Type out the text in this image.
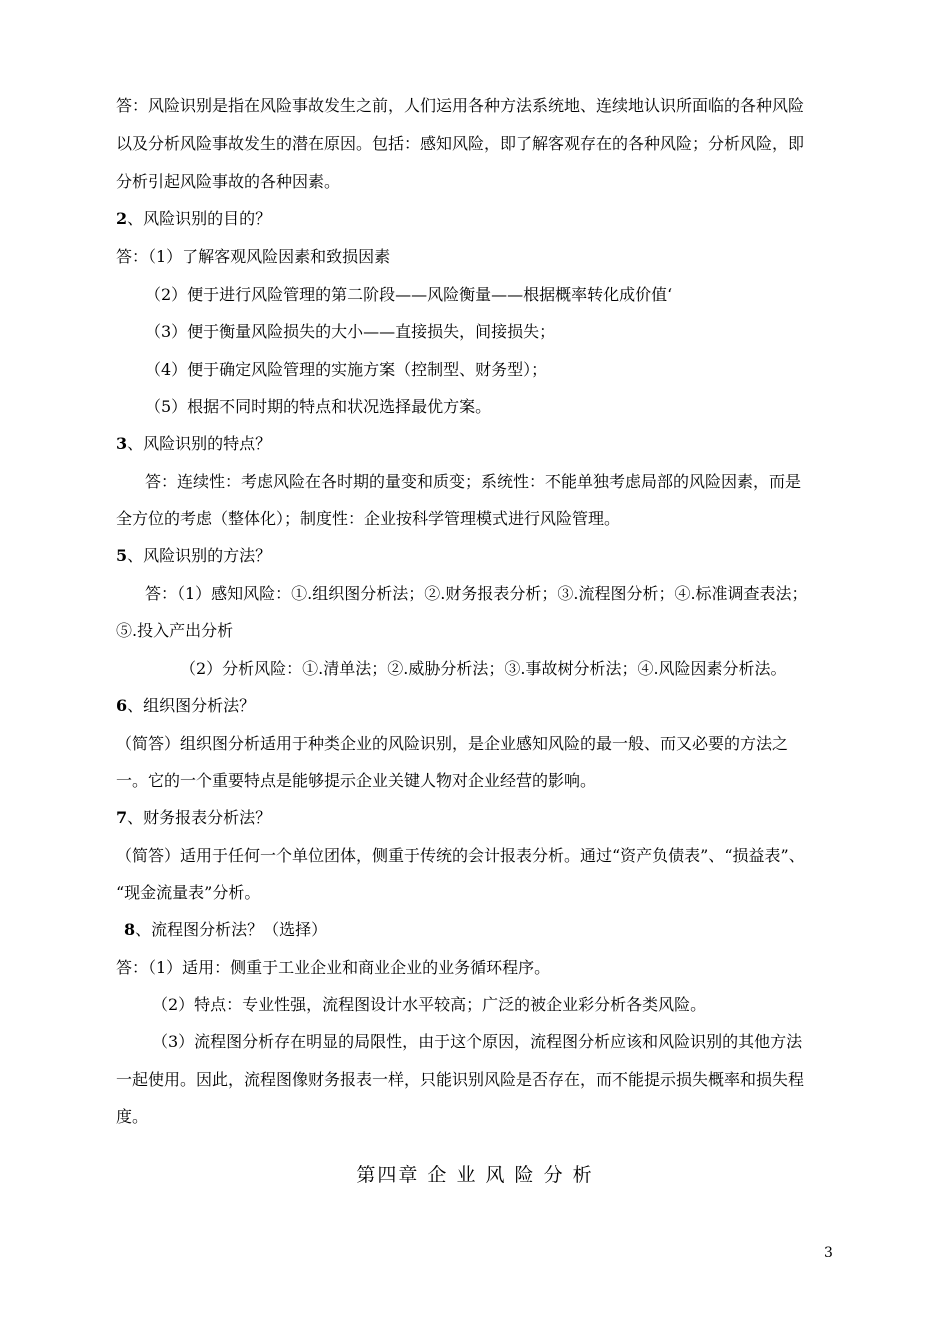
答：风险识别是指在风险事故发生之前，人们运用各种方法系统地、连续地认识所面临的各种风险
以及分析风险事故发生的潜在原因。包括：感知风险，即了解客观存在的各种风险；分析风险，即
分析引起风险事故的各种因素。
2、风险识别的目的？
答：（1）了解客观风险因素和致损因素
（2）便于进行风险管理的第二阶段——风险衡量——根据概率转化成价值‘
（3）便于衡量风险损失的大小——直接损失，间接损失；
（4）便于确定风险管理的实施方案（控制型、财务型）；
（5）根据不同时期的特点和状况选择最优方案。
3、风险识别的特点？
答：连续性：考虑风险在各时期的量变和质变；系统性：不能单独考虑局部的风险因素，而是
全方位的考虑（整体化）；制度性：企业按科学管理模式进行风险管理。
5、风险识别的方法？
答：（1）感知风险：①.组织图分析法；②.财务报表分析；③.流程图分析；④.标准调查表法；
⑤.投入产出分析
（2）分析风险：①.清单法；②.威胁分析法；③.事故树分析法；④.风险因素分析法。
6、组织图分析法？
（简答）组织图分析适用于种类企业的风险识别，是企业感知风险的最一般、而又必要的方法之
一。它的一个重要特点是能够提示企业关键人物对企业经营的影响。
7、财务报表分析法？
（简答）适用于任何一个单位团体，侧重于传统的会计报表分析。通过“资产负债表”、“损益表”、
“现金流量表”分析。
8、流程图分析法？（选择）
答：（1）适用：侧重于工业企业和商业企业的业务循环程序。
（2）特点：专业性强，流程图设计水平较高；广泛的被企业彩分析各类风险。
（3）流程图分析存在明显的局限性，由于这个原因，流程图分析应该和风险识别的其他方法
一起使用。因此，流程图像财务报表一样，只能识别风险是否存在，而不能提示损失概率和损失程
度。
第四章 企 业 风 险 分 析
3
